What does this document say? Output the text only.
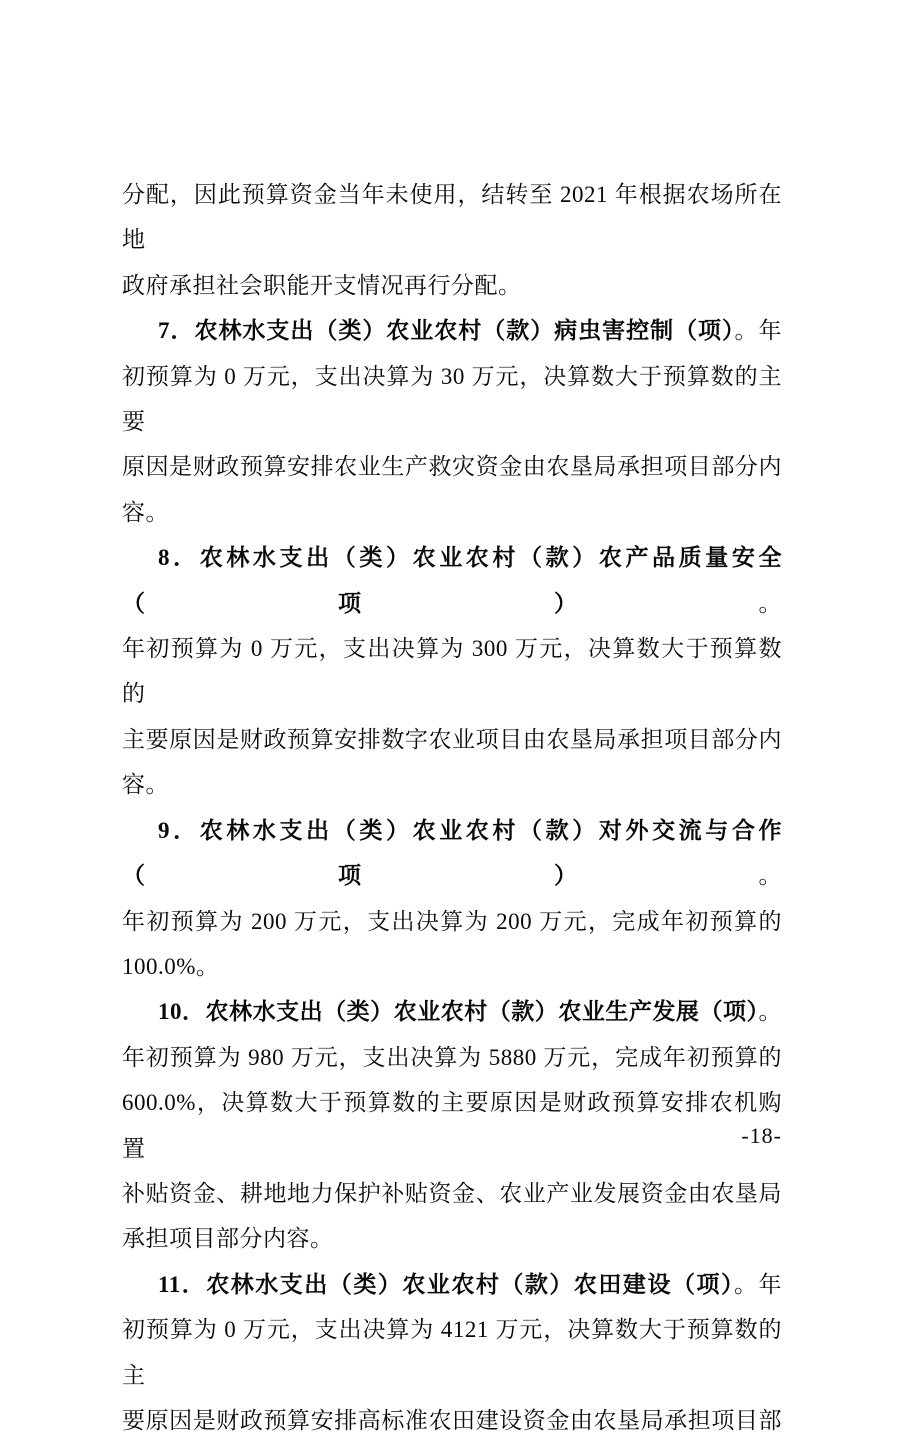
分配，因此预算资金当年未使用，结转至 2021 年根据农场所在地
政府承担社会职能开支情况再行分配。
7．农林水支出（类）农业农村（款）病虫害控制（项）。年
初预算为 0 万元，支出决算为 30 万元，决算数大于预算数的主要
原因是财政预算安排农业生产救灾资金由农垦局承担项目部分内
容。
8．农林水支出（类）农业农村（款）农产品质量安全（项）。
年初预算为 0 万元，支出决算为 300 万元，决算数大于预算数的
主要原因是财政预算安排数字农业项目由农垦局承担项目部分内
容。
9．农林水支出（类）农业农村（款）对外交流与合作（项）。
年初预算为 200 万元，支出决算为 200 万元，完成年初预算的
100.0%。
10．农林水支出（类）农业农村（款）农业生产发展（项）。
年初预算为 980 万元，支出决算为 5880 万元，完成年初预算的
600.0%，决算数大于预算数的主要原因是财政预算安排农机购置
补贴资金、耕地地力保护补贴资金、农业产业发展资金由农垦局
承担项目部分内容。
11．农林水支出（类）农业农村（款）农田建设（项）。年
初预算为 0 万元，支出决算为 4121 万元，决算数大于预算数的主
要原因是财政预算安排高标准农田建设资金由农垦局承担项目部
-18-
